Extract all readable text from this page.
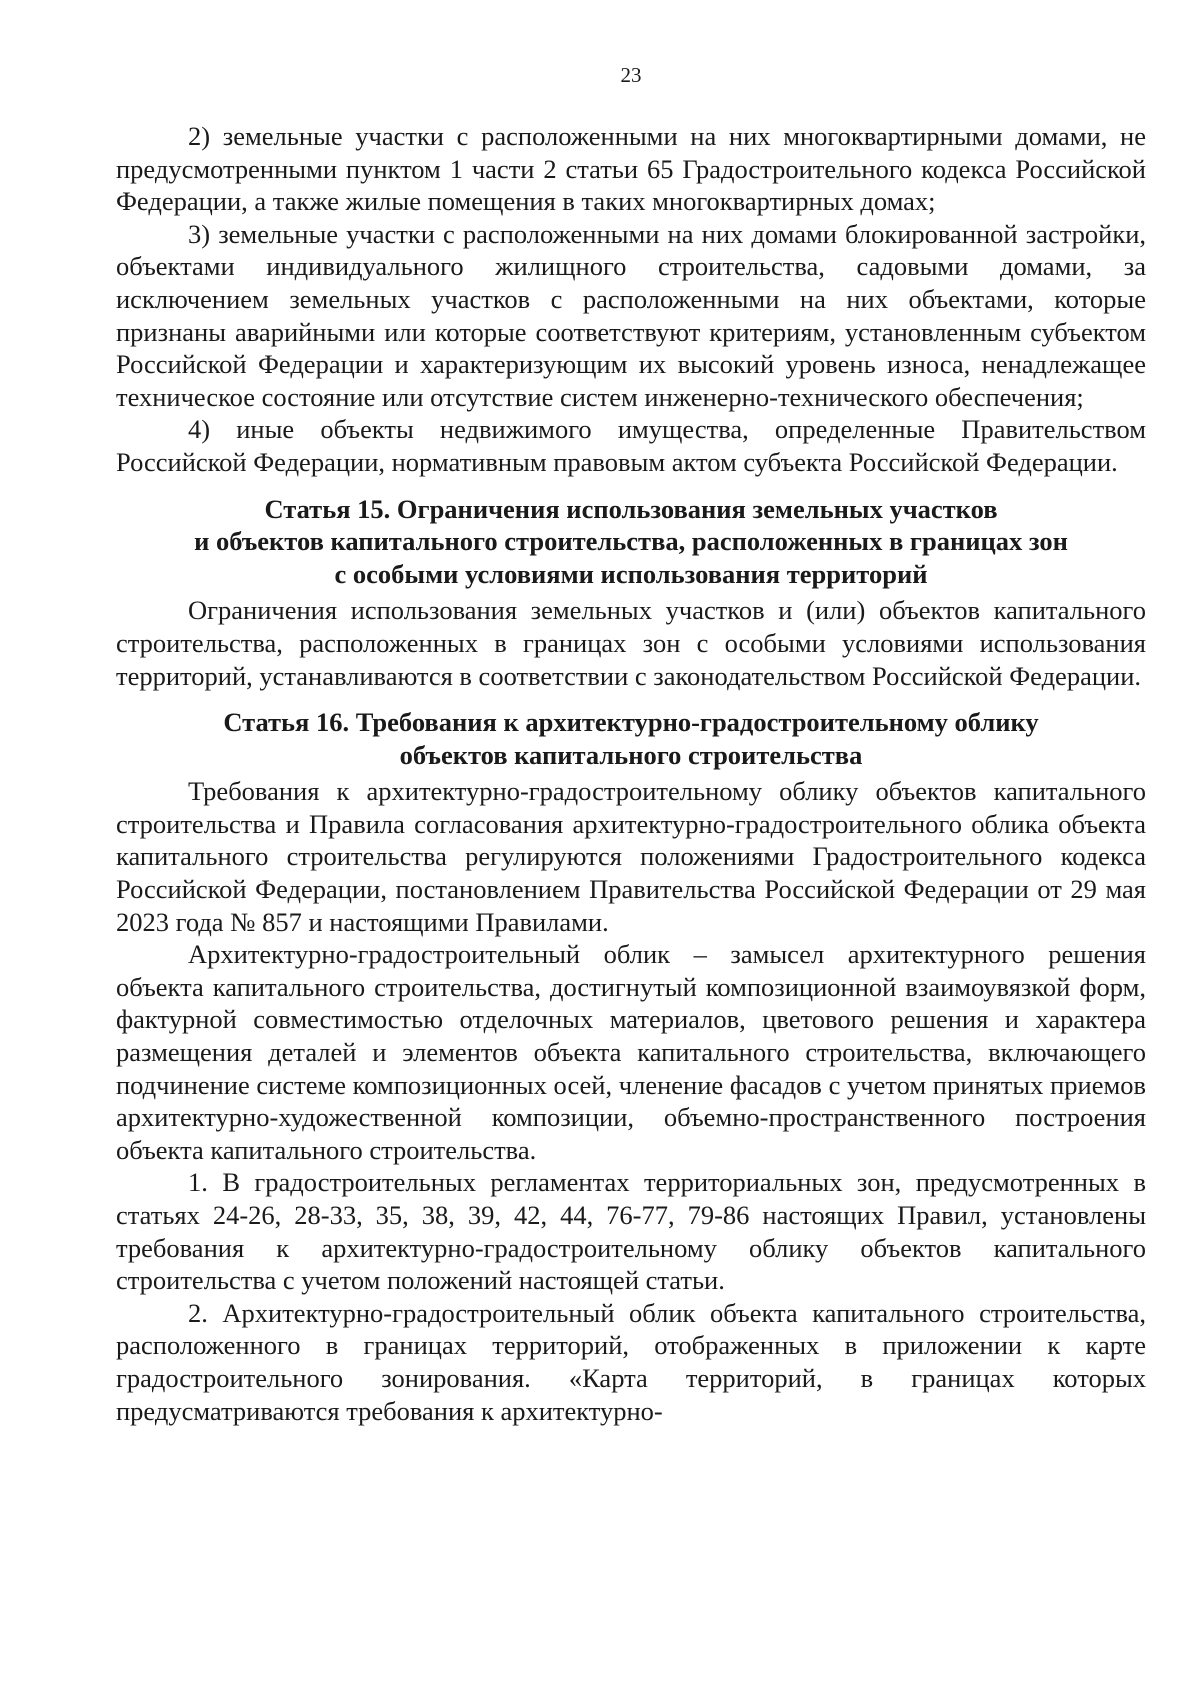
23

2) земельные участки с расположенными на них многоквартирными домами, не предусмотренными пунктом 1 части 2 статьи 65 Градостроительного кодекса Российской Федерации, а также жилые помещения в таких многоквартирных домах;

3) земельные участки с расположенными на них домами блокированной застройки, объектами индивидуального жилищного строительства, садовыми домами, за исключением земельных участков с расположенными на них объектами, которые признаны аварийными или которые соответствуют критериям, установленным субъектом Российской Федерации и характеризующим их высокий уровень износа, ненадлежащее техническое состояние или отсутствие систем инженерно-технического обеспечения;

4) иные объекты недвижимого имущества, определенные Правительством Российской Федерации, нормативным правовым актом субъекта Российской Федерации.

Статья 15. Ограничения использования земельных участков
и объектов капитального строительства, расположенных в границах зон
с особыми условиями использования территорий

Ограничения использования земельных участков и (или) объектов капитального строительства, расположенных в границах зон с особыми условиями использования территорий, устанавливаются в соответствии с законодательством Российской Федерации.

Статья 16. Требования к архитектурно-градостроительному облику
объектов капитального строительства

Требования к архитектурно-градостроительному облику объектов капитального строительства и Правила согласования архитектурно-градостроительного облика объекта капитального строительства регулируются положениями Градостроительного кодекса Российской Федерации, постановлением Правительства Российской Федерации от 29 мая 2023 года № 857 и настоящими Правилами.

Архитектурно-градостроительный облик – замысел архитектурного решения объекта капитального строительства, достигнутый композиционной взаимоувязкой форм, фактурной совместимостью отделочных материалов, цветового решения и характера размещения деталей и элементов объекта капитального строительства, включающего подчинение системе композиционных осей, членение фасадов с учетом принятых приемов архитектурно-художественной композиции, объемно-пространственного построения объекта капитального строительства.

1. В градостроительных регламентах территориальных зон, предусмотренных в статьях 24-26, 28-33, 35, 38, 39, 42, 44, 76-77, 79-86 настоящих Правил, установлены требования к архитектурно-градостроительному облику объектов капитального строительства с учетом положений настоящей статьи.

2. Архитектурно-градостроительный облик объекта капитального строительства, расположенного в границах территорий, отображенных в приложении к карте градостроительного зонирования. «Карта территорий, в границах которых предусматриваются требования к архитектурно-
